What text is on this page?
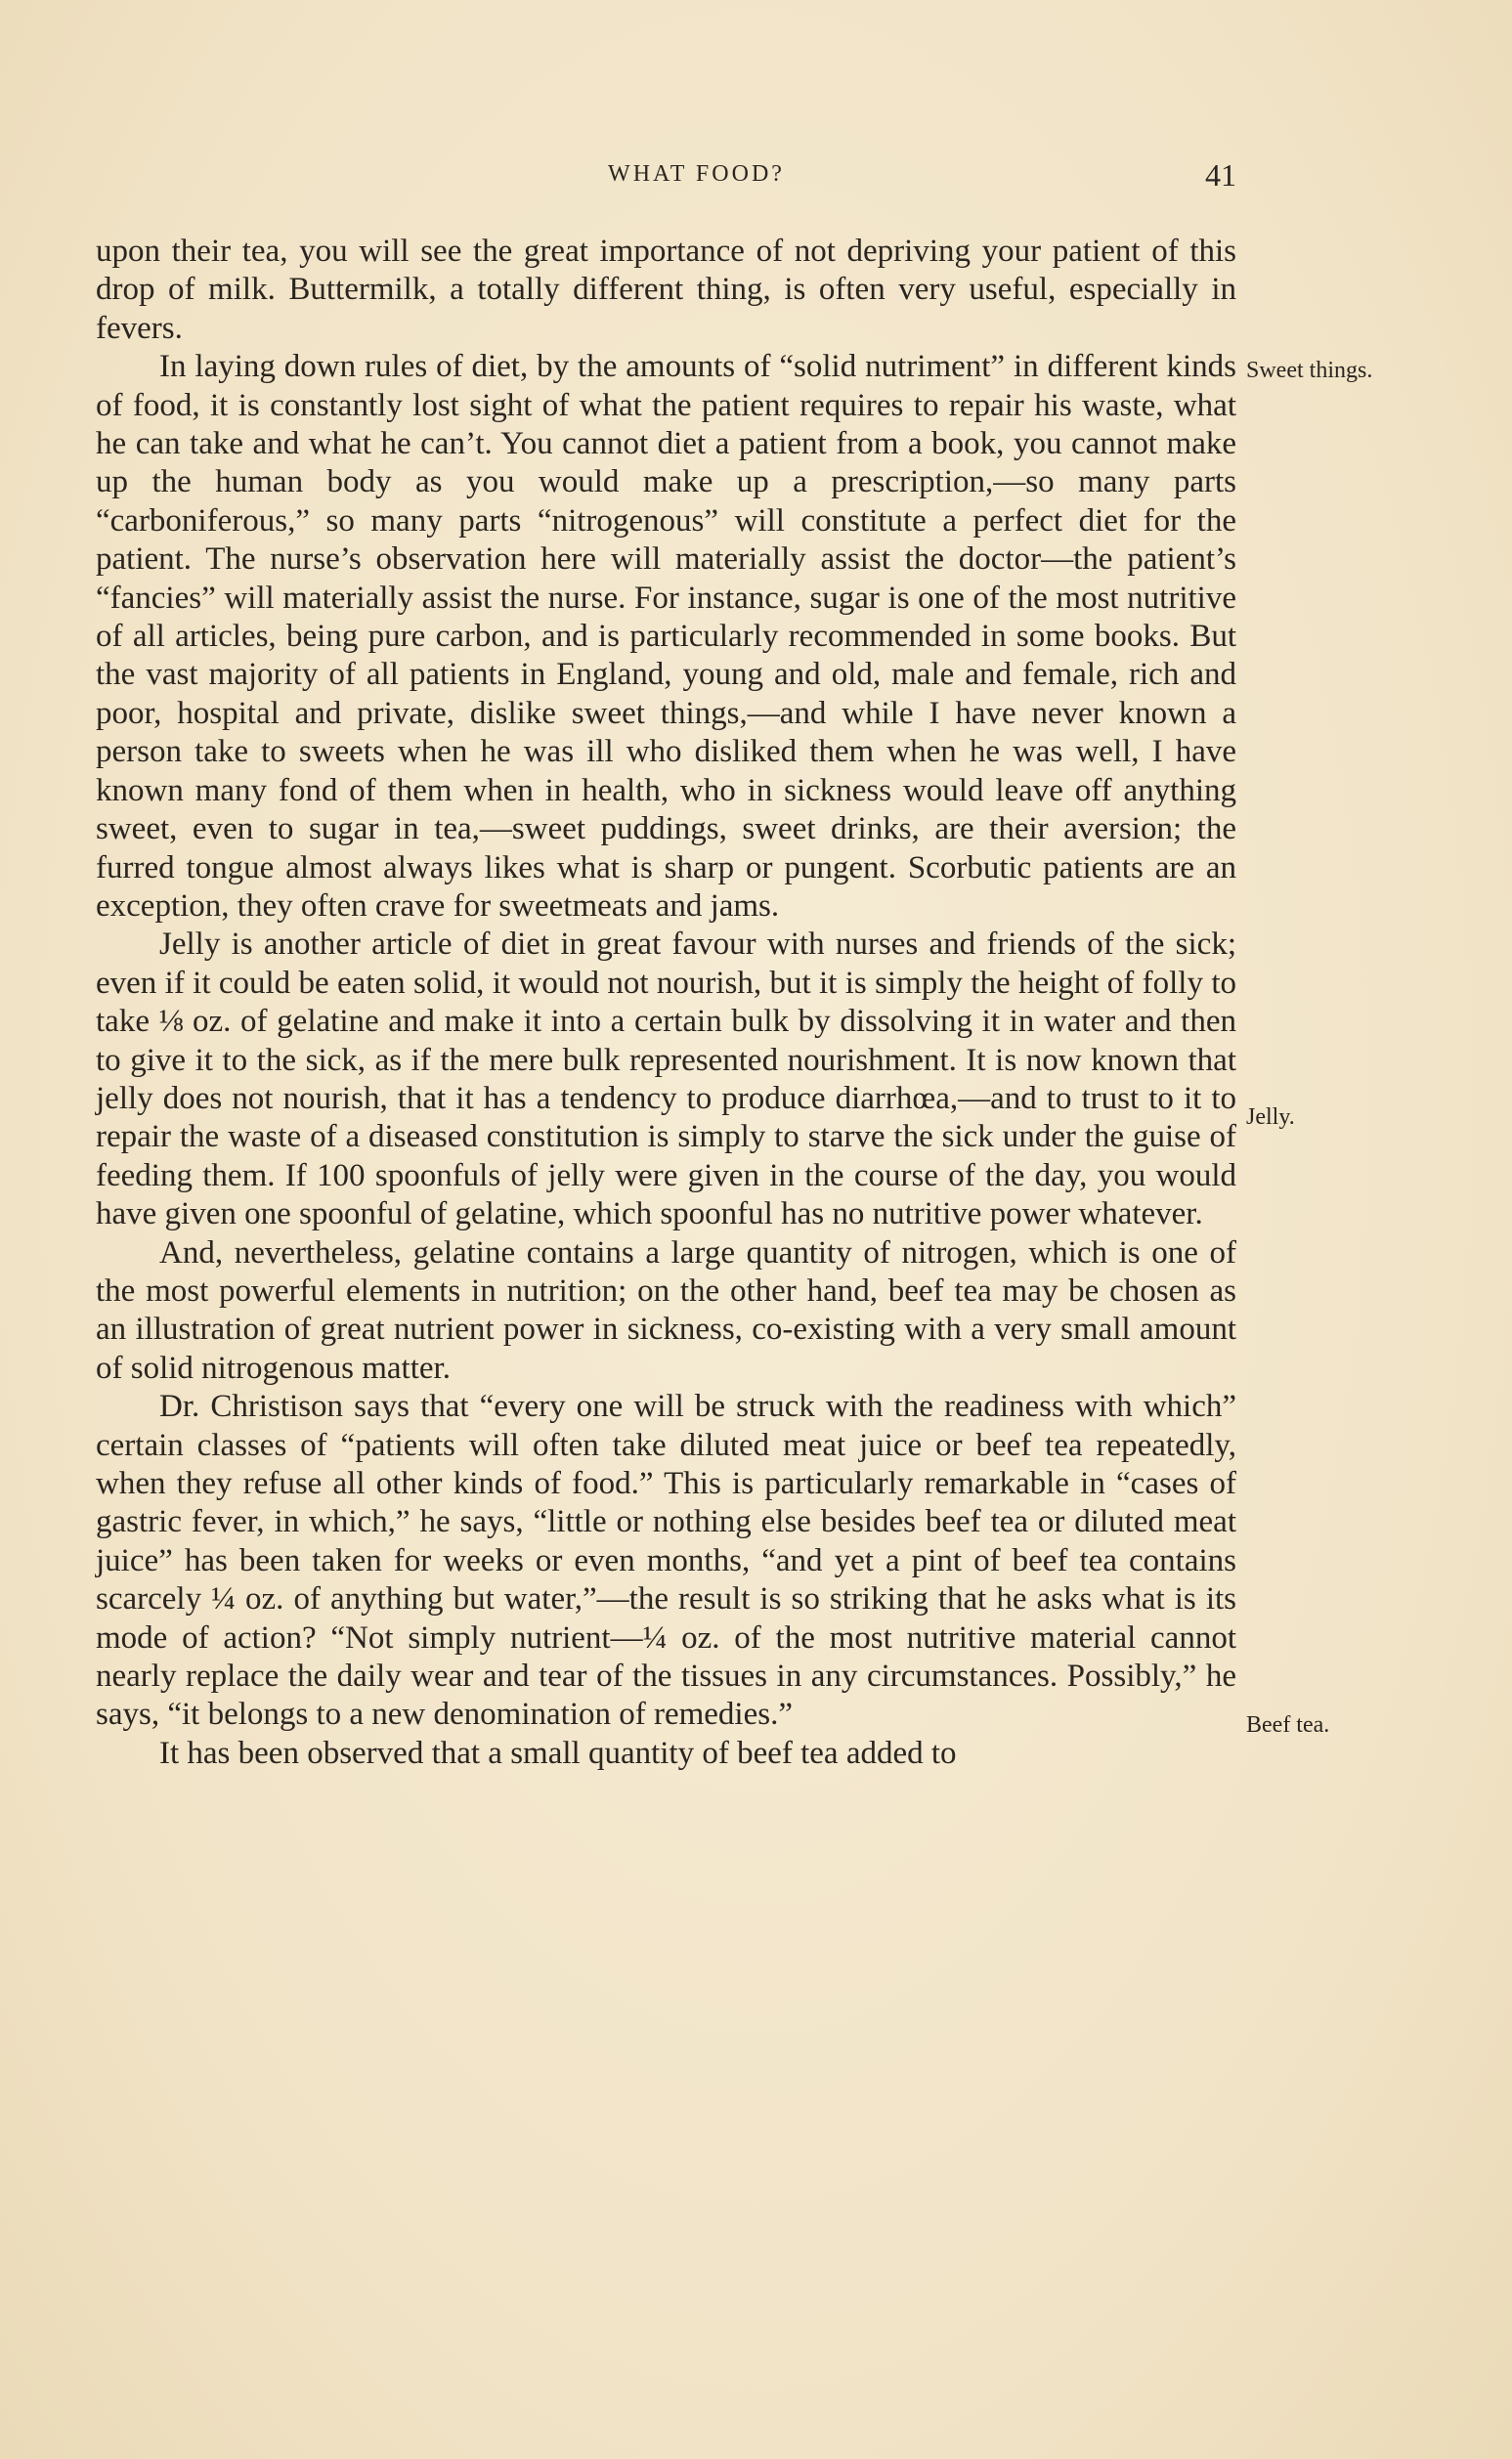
WHAT FOOD?	41

upon their tea, you will see the great importance of not depriving your patient of this drop of milk. Buttermilk, a totally different thing, is often very useful, especially in fevers.

In laying down rules of diet, by the amounts of “solid nutriment” in different kinds of food, it is constantly lost sight of what the patient requires to repair his waste, what he can take and what he can’t. You cannot diet a patient from a book, you cannot make up the human body as you would make up a prescription,—so many parts “carboniferous,” so many parts “nitrogenous” will constitute a perfect diet for the patient. The nurse’s observation here will materially assist the doctor—the patient’s “fancies” will materially assist the nurse. For instance, sugar is one of the most nutritive of all articles, being pure carbon, and is particularly recommended in some books. But the vast majority of all patients in England, young and old, male and female, rich and poor, hospital and private, dislike sweet things,—and while I have never known a person take to sweets when he was ill who disliked them when he was well, I have known many fond of them when in health, who in sickness would leave off anything sweet, even to sugar in tea,—sweet puddings, sweet drinks, are their aversion; the furred tongue almost always likes what is sharp or pungent. Scorbutic patients are an exception, they often crave for sweetmeats and jams.

Jelly is another article of diet in great favour with nurses and friends of the sick; even if it could be eaten solid, it would not nourish, but it is simply the height of folly to take ⅛ oz. of gelatine and make it into a certain bulk by dissolving it in water and then to give it to the sick, as if the mere bulk represented nourishment. It is now known that jelly does not nourish, that it has a tendency to produce diarrhœa,—and to trust to it to repair the waste of a diseased constitution is simply to starve the sick under the guise of feeding them. If 100 spoonfuls of jelly were given in the course of the day, you would have given one spoonful of gelatine, which spoonful has no nutritive power whatever.

And, nevertheless, gelatine contains a large quantity of nitrogen, which is one of the most powerful elements in nutrition; on the other hand, beef tea may be chosen as an illustration of great nutrient power in sickness, co-existing with a very small amount of solid nitrogenous matter.

Dr. Christison says that “every one will be struck with the readiness with which” certain classes of “patients will often take diluted meat juice or beef tea repeatedly, when they refuse all other kinds of food.” This is particularly remarkable in “cases of gastric fever, in which,” he says, “little or nothing else besides beef tea or diluted meat juice” has been taken for weeks or even months, “and yet a pint of beef tea contains scarcely ¼ oz. of anything but water,”—the result is so striking that he asks what is its mode of action? “Not simply nutrient—¼ oz. of the most nutritive material cannot nearly replace the daily wear and tear of the tissues in any circumstances. Possibly,” he says, “it belongs to a new denomination of remedies.”

It has been observed that a small quantity of beef tea added to

Sweet things.
Jelly.
Beef tea.
